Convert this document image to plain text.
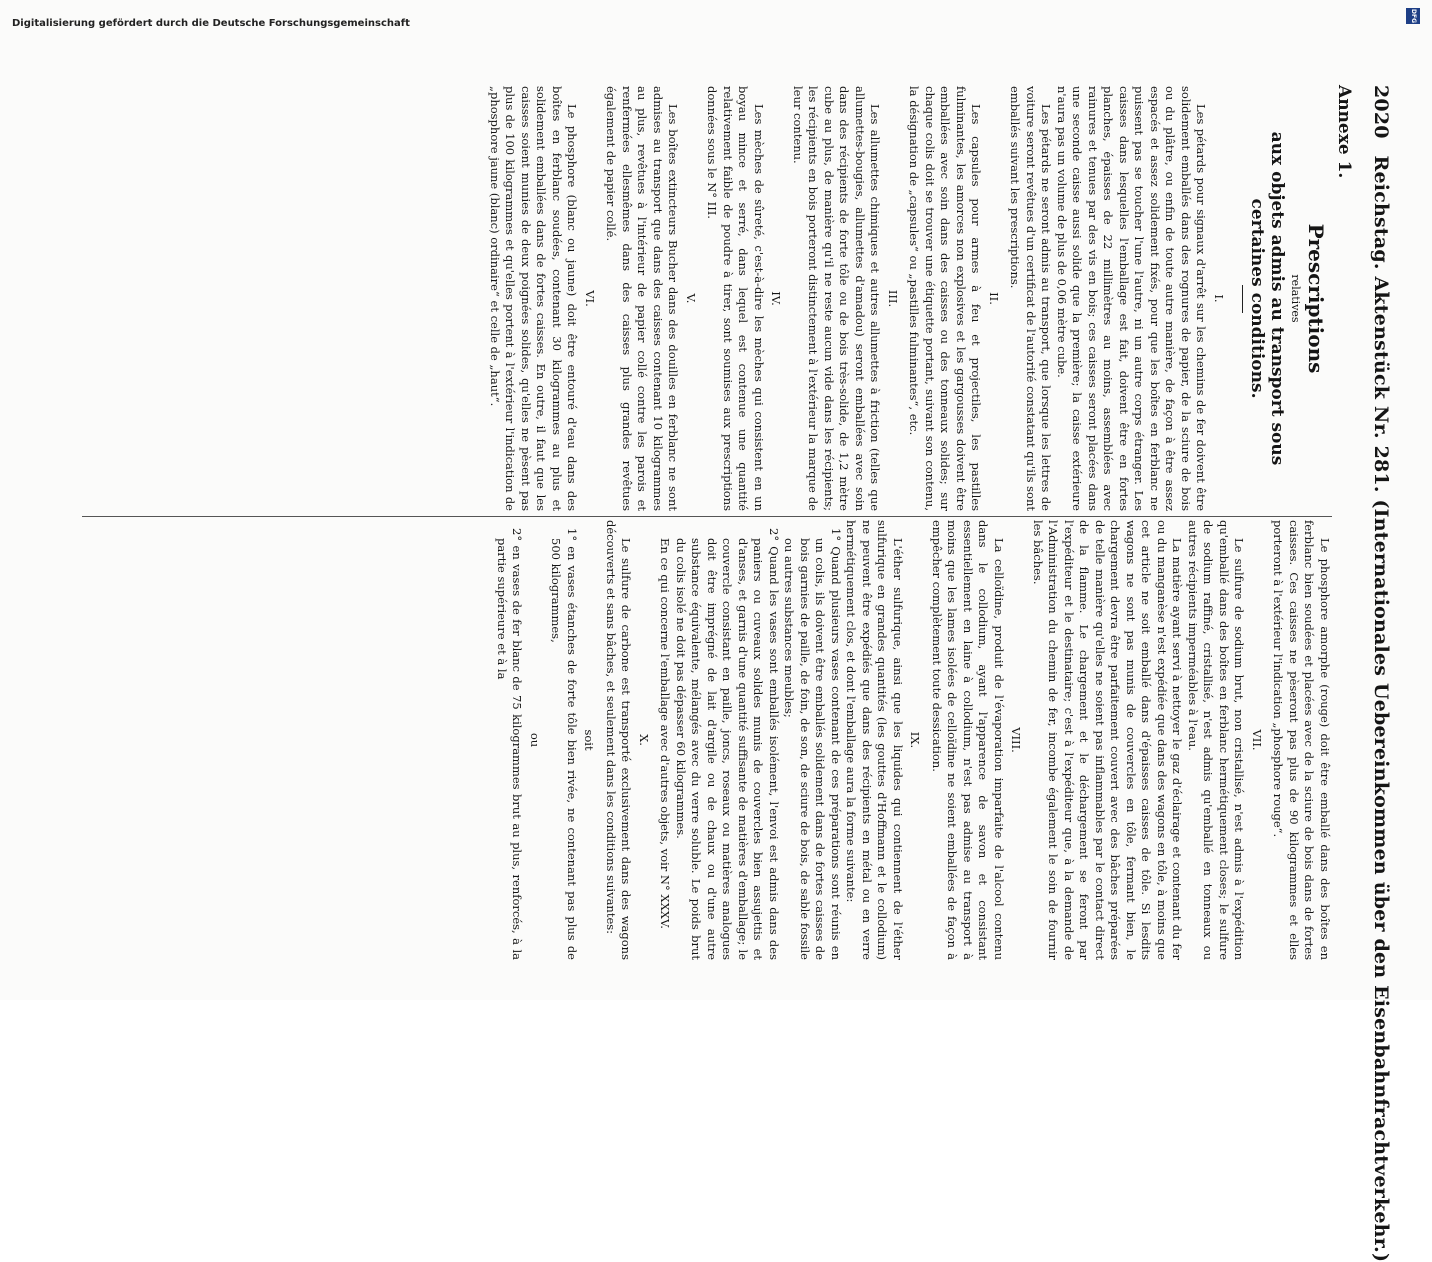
2020 Reichstag. Aktenstück Nr. 281. (Internationales Uebereinkommen über den Eisenbahnfrachtverkehr.)
Annexe 1.
Prescriptions
relatives
aux objets admis au transport sous certaines conditions.
I.

Les pétards pour signaux d'arrêt sur les chemins de fer doivent être solidement emballés dans des rognures de papier, de la sciure de bois ou du plâtre, ou enfin de toute autre manière, de façon à être assez espacés et assez solidement fixés, pour que les boîtes en ferblanc ne puissent pas se toucher l'une l'autre, ni un autre corps étranger. Les caisses dans lesquelles l'emballage est fait, doivent être en fortes planches, épaisses de 22 millimètres au moins, assemblées avec rainures et tenues par des vis en bois; ces caisses seront placées dans une seconde caisse aussi solide que la première; la caisse extérieure n'aura pas un volume de plus de 0,06 mètre cube.

Les pétards ne seront admis au transport, que lorsque les lettres de voiture seront revêtues d'un certificat de l'autorité constatant qu'ils sont emballés suivant les prescriptions.

II.

Les capsules pour armes à feu et projectiles, les pastilles fulminantes, les amorces non explosives et les gargousses doivent être emballées avec soin dans des caisses ou des tonneaux solides; sur chaque colis doit se trouver une étiquette portant, suivant son contenu, la désignation de „capsules“ ou „pastilles fulminantes“, etc.

III.

Les allumettes chimiques et autres allumettes à friction (telles que allumettes-bougies, allumettes d'amadou) seront emballées avec soin dans des récipients de forte tôle ou de bois très-solide, de 1,2 mètre cube au plus, de manière qu'il ne reste aucun vide dans les récipients; les récipients en bois porteront distinctement à l'extérieur la marque de leur contenu.

IV.

Les mèches de sûreté, c'est-à-dire les mèches qui consistent en un boyau mince et serré, dans lequel est contenue une quantité relativement faible de poudre à tirer, sont soumises aux prescriptions données sous le N° III.

V.

Les boîtes extincteurs Bucher dans des douilles en ferblanc ne sont admises au transport que dans des caisses contenant 10 kilogrammes au plus, revêtues à l'intérieur de papier collé contre les parois et renfermées ellesmêmes dans des caisses plus grandes revêtues également de papier collé.

VI.

Le phosphore (blanc ou jaune) doit être entouré d'eau dans des boîtes en ferblanc soudées, contenant 30 kilogrammes au plus et solidement emballées dans de fortes caisses. En outre, il faut que les caisses soient munies de deux poignées solides, qu'elles ne pèsent pas plus de 100 kilogrammes et qu'elles portent à l'extérieur l'indication de „phosphore jaune (blanc) ordinaire“ et celle de „haut“.

Le phosphore amorphe (rouge) doit être emballé dans des boîtes en ferblanc bien soudées et placées avec de la sciure de bois dans de fortes caisses. Ces caisses ne pèseront pas plus de 90 kilogrammes et elles porteront à l'extérieur l'indication „phosphore rouge“.

VII.

Le sulfure de sodium brut, non cristallisé, n'est admis à l'expédition qu'emballé dans des boîtes en ferblanc hermétiquement closes; le sulfure de sodium raffiné, cristallisé, n'est admis qu'emballé en tonneaux ou autres récipients imperméables à l'eau.

La matière ayant servi à nettoyer le gaz d'éclairage et contenant du fer ou du manganèse n'est expédiée que dans des wagons en tôle, à moins que cet article ne soit emballé dans d'épaisses caisses de tôle. Si lesdits wagons ne sont pas munis de couvercles en tôle, fermant bien, le chargement devra être parfaitement couvert avec des bâches préparées de telle manière qu'elles ne soient pas inflammables par le contact direct de la flamme. Le chargement et le déchargement se feront par l'expéditeur et le destinataire; c'est à l'expéditeur que, à la demande de l'Administration du chemin de fer, incombe également le soin de fournir les bâches.

VIII.

La celloïdine, produit de l'évaporation imparfaite de l'alcool contenu dans le collodium, ayant l'apparence de savon et consistant essentiellement en laine à collodium, n'est pas admise au transport à moins que les lames isolées de celloïdine ne soient emballées de façon à empêcher complètement toute dessication.

IX.

L'éther sulfurique, ainsi que les liquides qui contiennent de l'éther sulfurique en grandes quantités (les gouttes d'Hoffmann et le collodium) ne peuvent être expédiés que dans des récipients en métal ou en verre hermétiquement clos, et dont l'emballage aura la forme suivante:

1° Quand plusieurs vases contenant de ces préparations sont réunis en un colis, ils doivent être emballés solidement dans de fortes caisses de bois garnies de paille, de foin, de son, de sciure de bois, de sable fossile ou autres substances meubles;

2° Quand les vases sont emballés isolément, l'envoi est admis dans des paniers ou cuveaux solides munis de couvercles bien assujettis et d'anses, et garnis d'une quantité suffisante de matières d'emballage; le couvercle consistant en paille, joncs, roseaux ou matières analogues doit être imprégné de lait d'argile ou de chaux ou d'une autre substance équivalente, mélangés avec du verre soluble. Le poids brut du colis isolé ne doit pas dépasser 60 kilogrammes.

En ce qui concerne l'emballage avec d'autres objets, voir N° XXXV.

X.

Le sulfure de carbone est transporté exclusivement dans des wagons découverts et sans bâches, et seulement dans les conditions suivantes:

soit

1° en vases étanches de forte tôle bien rivée, ne contenant pas plus de 500 kilogrammes,

ou

2° en vases de fer blanc de 75 kilogrammes brut au plus, renforcés, à la partie supérieure et à la

Digitalisierung gefördert durch die Deutsche Forschungsgemeinschaft
DFG
